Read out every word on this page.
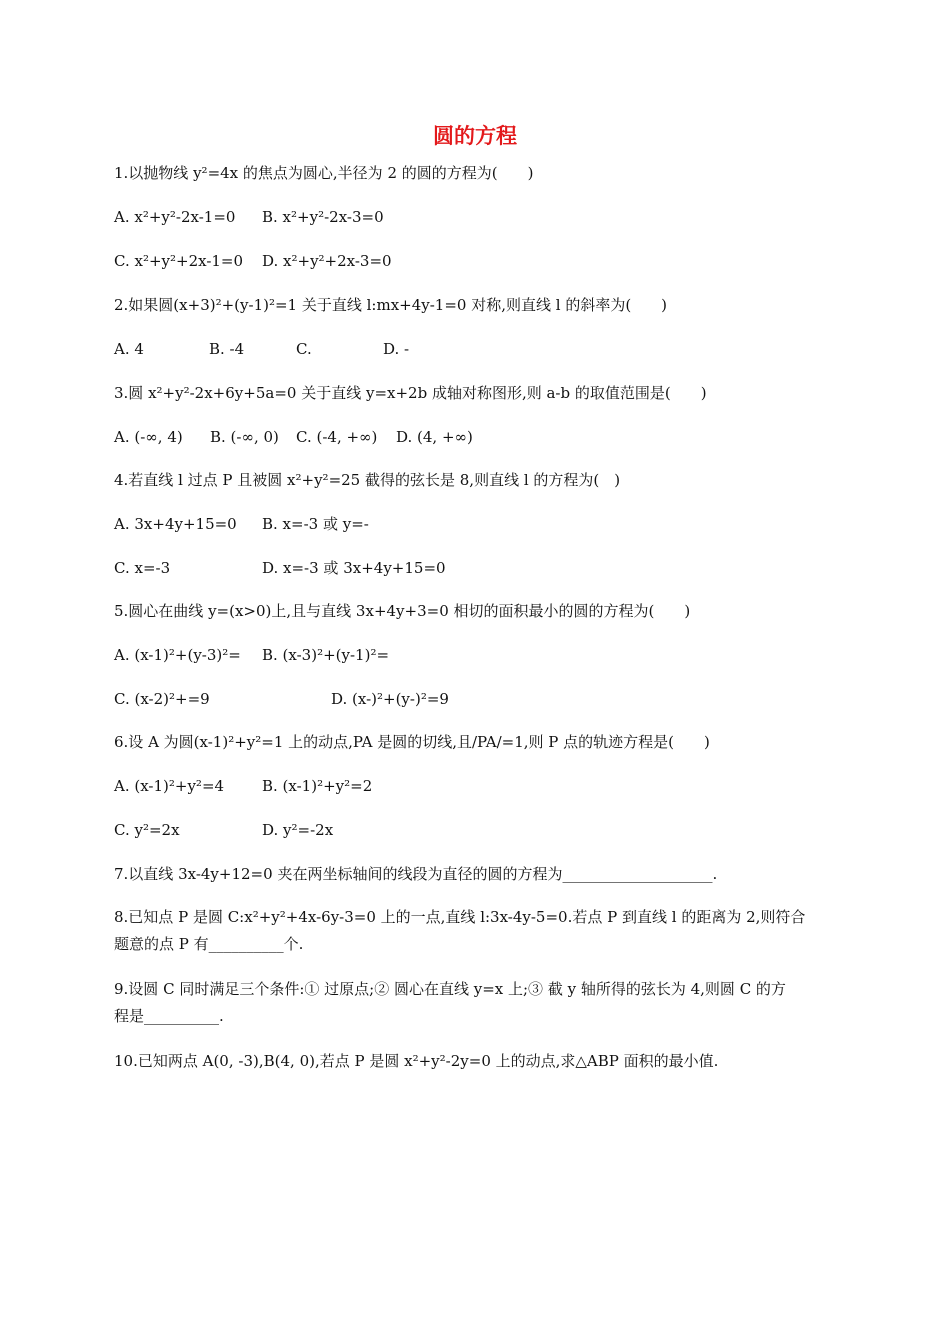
圆的方程
1.以抛物线 y²=4x 的焦点为圆心,半径为 2 的圆的方程为(　　)
A. x²+y²-2x-1=0 B. x²+y²-2x-3=0
C. x²+y²+2x-1=0 D. x²+y²+2x-3=0
2.如果圆(x+3)²+(y-1)²=1 关于直线 l:mx+4y-1=0 对称,则直线 l 的斜率为(　　)
A. 4	B. -4	C.	D. -
3.圆 x²+y²-2x+6y+5a=0 关于直线 y=x+2b 成轴对称图形,则 a-b 的取值范围是(　　)
A. (-∞, 4) B. (-∞, 0) C. (-4, +∞) D. (4, +∞)
4.若直线 l 过点 P 且被圆 x²+y²=25 截得的弦长是 8,则直线 l 的方程为(　)
A. 3x+4y+15=0 B. x=-3 或 y=-
C. x=-3	D. x=-3 或 3x+4y+15=0
5.圆心在曲线 y=(x>0)上,且与直线 3x+4y+3=0 相切的面积最小的圆的方程为(　　)
A. (x-1)²+(y-3)²= B. (x-3)²+(y-1)²=
C. (x-2)²+=9	D. (x-)²+(y-)²=9
6.设 A 为圆(x-1)²+y²=1 上的动点,PA 是圆的切线,且/PA/=1,则 P 点的轨迹方程是(　　)
A. (x-1)²+y²=4	B. (x-1)²+y²=2
C. y²=2x	D. y²=-2x
7.以直线 3x-4y+12=0 夹在两坐标轴间的线段为直径的圆的方程为____________________.
8.已知点 P 是圆 C:x²+y²+4x-6y-3=0 上的一点,直线 l:3x-4y-5=0.若点 P 到直线 l 的距离为 2,则符合
题意的点 P 有__________个.
9.设圆 C 同时满足三个条件:① 过原点;② 圆心在直线 y=x 上;③ 截 y 轴所得的弦长为 4,则圆 C 的方
程是__________.
10.已知两点 A(0, -3),B(4, 0),若点 P 是圆 x²+y²-2y=0 上的动点,求△ABP 面积的最小值.
